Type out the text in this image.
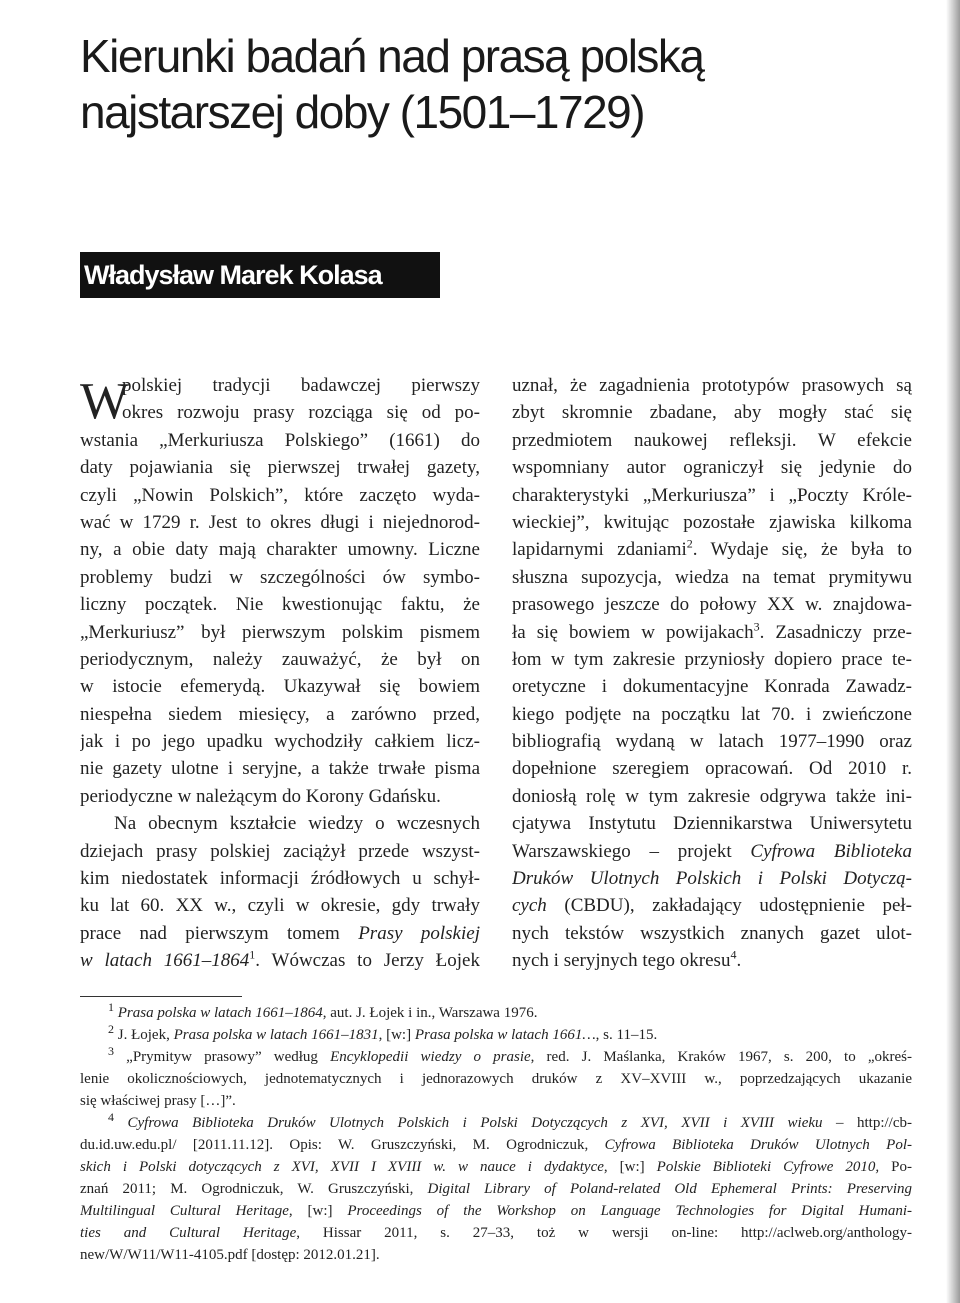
Kierunki badań nad prasą polską
najstarszej doby (1501–1729)
Władysław Marek Kolasa
W
polskiej tradycji badawczej pierwszy
okres rozwoju prasy rozciąga się od po-
wstania „Merkuriusza Polskiego” (1661) do
daty pojawiania się pierwszej trwałej gazety,
czyli „Nowin Polskich”, które zaczęto wyda-
wać w 1729 r. Jest to okres długi i niejednorod-
ny, a obie daty mają charakter umowny. Liczne
problemy budzi w szczególności ów symbo-
liczny początek. Nie kwestionując faktu, że
„Merkuriusz” był pierwszym polskim pismem
periodycznym, należy zauważyć, że był on
w istocie efemerydą. Ukazywał się bowiem
niespełna siedem miesięcy, a zarówno przed,
jak i po jego upadku wychodziły całkiem licz-
nie gazety ulotne i seryjne, a także trwałe pisma
periodyczne w należącym do Korony Gdańsku.
Na obecnym kształcie wiedzy o wczesnych
dziejach prasy polskiej zaciążył przede wszyst-
kim niedostatek informacji źródłowych u schył-
ku lat 60. XX w., czyli w okresie, gdy trwały
prace nad pierwszym tomem Prasy polskiej
w latach 1661–1864$^1$. Wówczas to Jerzy Łojek
uznał, że zagadnienia prototypów prasowych są
zbyt skromnie zbadane, aby mogły stać się
przedmiotem naukowej refleksji. W efekcie
wspomniany autor ograniczył się jedynie do
charakterystyki „Merkuriusza” i „Poczty Króle-
wieckiej”, kwitując pozostałe zjawiska kilkoma
lapidarnymi zdaniami$^2$. Wydaje się, że była to
słuszna supozycja, wiedza na temat prymitywu
prasowego jeszcze do połowy XX w. znajdowa-
ła się bowiem w powijakach$^3$. Zasadniczy prze-
łom w tym zakresie przyniosły dopiero prace te-
oretyczne i dokumentacyjne Konrada Zawadz-
kiego podjęte na początku lat 70. i zwieńczone
bibliografią wydaną w latach 1977–1990 oraz
dopełnione szeregiem opracowań. Od 2010 r.
doniosłą rolę w tym zakresie odgrywa także ini-
cjatywa Instytutu Dziennikarstwa Uniwersytetu
Warszawskiego – projekt Cyfrowa Biblioteka
Druków Ulotnych Polskich i Polski Dotyczą-
cych (CBDU), zakładający udostępnienie peł-
nych tekstów wszystkich znanych gazet ulot-
nych i seryjnych tego okresu$^4$.
$^1$ Prasa polska w latach 1661–1864, aut. J. Łojek i in., Warszawa 1976.
$^2$ J. Łojek, Prasa polska w latach 1661–1831, [w:] Prasa polska w latach 1661…, s. 11–15.
$^3$ „Prymityw prasowy” według Encyklopedii wiedzy o prasie, red. J. Maślanka, Kraków 1967, s. 200, to „okreś-
lenie okolicznościowych, jednotematycznych i jednorazowych druków z XV–XVIII w., poprzedzających ukazanie
się właściwej prasy […]”.
$^4$ Cyfrowa Biblioteka Druków Ulotnych Polskich i Polski Dotyczących z XVI, XVII i XVIII wieku – http://cb-
du.id.uw.edu.pl/ [2011.11.12]. Opis: W. Gruszczyński, M. Ogrodniczuk, Cyfrowa Biblioteka Druków Ulotnych Pol-
skich i Polski dotyczących z XVI, XVII I XVIII w. w nauce i dydaktyce, [w:] Polskie Biblioteki Cyfrowe 2010, Po-
znań 2011; M. Ogrodniczuk, W. Gruszczyński, Digital Library of Poland-related Old Ephemeral Prints: Preserving
Multilingual Cultural Heritage, [w:] Proceedings of the Workshop on Language Technologies for Digital Humani-
ties and Cultural Heritage, Hissar 2011, s. 27–33, toż w wersji on-line: http://aclweb.org/anthology-
new/W/W11/W11-4105.pdf [dostęp: 2012.01.21].
